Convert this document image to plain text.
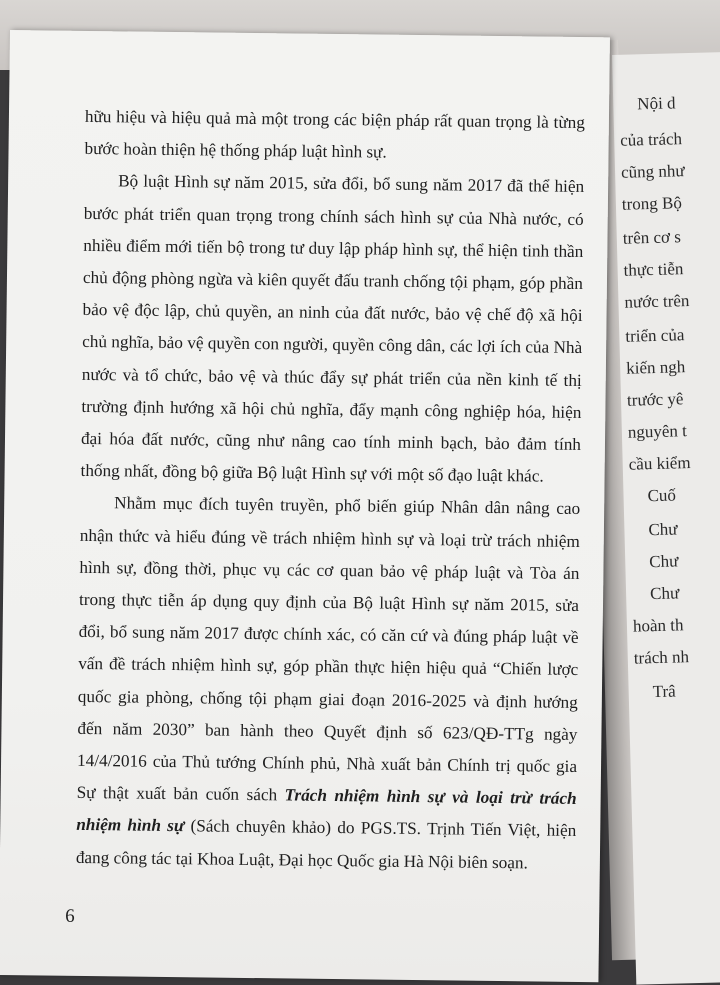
Nội d
của trách
cũng như
trong Bộ
trên cơ s
thực tiễn
nước trên
triển của
kiến ngh
trước yê
nguyên t
cầu kiểm
Cuố
Chư
Chư
Chư
hoàn th
trách nh
Trâ

hữu hiệu và hiệu quả mà một trong các biện pháp rất quan trọng là từng bước hoàn thiện hệ thống pháp luật hình sự.

Bộ luật Hình sự năm 2015, sửa đổi, bổ sung năm 2017 đã thể hiện bước phát triển quan trọng trong chính sách hình sự của Nhà nước, có nhiều điểm mới tiến bộ trong tư duy lập pháp hình sự, thể hiện tinh thần chủ động phòng ngừa và kiên quyết đấu tranh chống tội phạm, góp phần bảo vệ độc lập, chủ quyền, an ninh của đất nước, bảo vệ chế độ xã hội chủ nghĩa, bảo vệ quyền con người, quyền công dân, các lợi ích của Nhà nước và tổ chức, bảo vệ và thúc đẩy sự phát triển của nền kinh tế thị trường định hướng xã hội chủ nghĩa, đẩy mạnh công nghiệp hóa, hiện đại hóa đất nước, cũng như nâng cao tính minh bạch, bảo đảm tính thống nhất, đồng bộ giữa Bộ luật Hình sự với một số đạo luật khác.

Nhằm mục đích tuyên truyền, phổ biến giúp Nhân dân nâng cao nhận thức và hiểu đúng về trách nhiệm hình sự và loại trừ trách nhiệm hình sự, đồng thời, phục vụ các cơ quan bảo vệ pháp luật và Tòa án trong thực tiễn áp dụng quy định của Bộ luật Hình sự năm 2015, sửa đổi, bổ sung năm 2017 được chính xác, có căn cứ và đúng pháp luật về vấn đề trách nhiệm hình sự, góp phần thực hiện hiệu quả “Chiến lược quốc gia phòng, chống tội phạm giai đoạn 2016-2025 và định hướng đến năm 2030” ban hành theo Quyết định số 623/QĐ-TTg ngày 14/4/2016 của Thủ tướng Chính phủ, Nhà xuất bản Chính trị quốc gia Sự thật xuất bản cuốn sách Trách nhiệm hình sự và loại trừ trách nhiệm hình sự (Sách chuyên khảo) do PGS.TS. Trịnh Tiến Việt, hiện đang công tác tại Khoa Luật, Đại học Quốc gia Hà Nội biên soạn.

6
